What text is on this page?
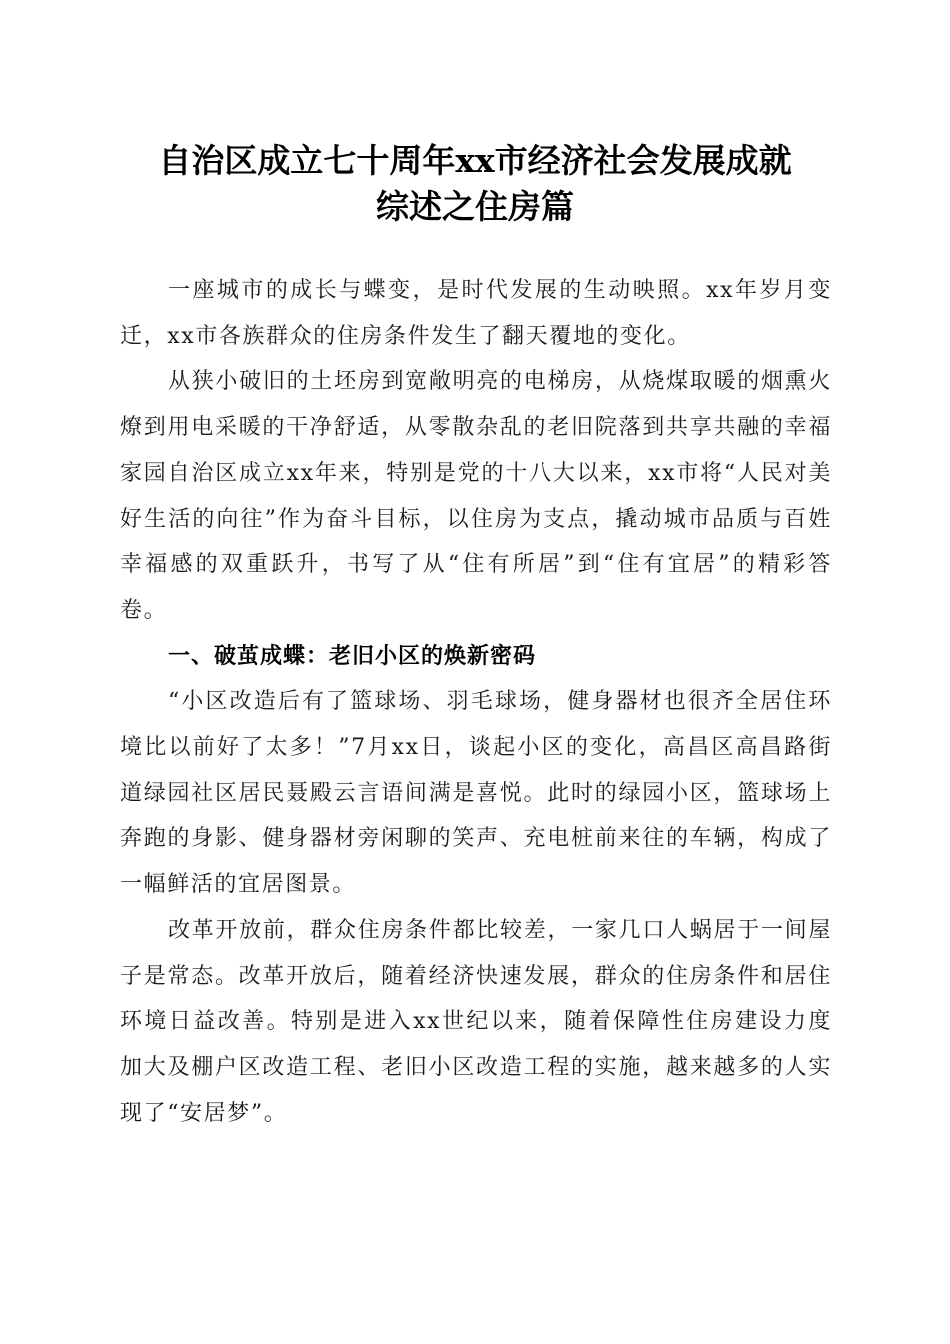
自治区成立七十周年xx市经济社会发展成就
综述之住房篇

一座城市的成长与蝶变，是时代发展的生动映照。xx年岁月变迁，xx市各族群众的住房条件发生了翻天覆地的变化。

从狭小破旧的土坯房到宽敞明亮的电梯房，从烧煤取暖的烟熏火燎到用电采暖的干净舒适，从零散杂乱的老旧院落到共享共融的幸福家园自治区成立xx年来，特别是党的十八大以来，xx市将“人民对美好生活的向往”作为奋斗目标，以住房为支点，撬动城市品质与百姓幸福感的双重跃升，书写了从“住有所居”到“住有宜居”的精彩答卷。

一、破茧成蝶：老旧小区的焕新密码

“小区改造后有了篮球场、羽毛球场，健身器材也很齐全居住环境比以前好了太多！”7月xx日，谈起小区的变化，高昌区高昌路街道绿园社区居民聂殿云言语间满是喜悦。此时的绿园小区，篮球场上奔跑的身影、健身器材旁闲聊的笑声、充电桩前来往的车辆，构成了一幅鲜活的宜居图景。

改革开放前，群众住房条件都比较差，一家几口人蜗居于一间屋子是常态。改革开放后，随着经济快速发展，群众的住房条件和居住环境日益改善。特别是进入xx世纪以来，随着保障性住房建设力度加大及棚户区改造工程、老旧小区改造工程的实施，越来越多的人实现了“安居梦”。
